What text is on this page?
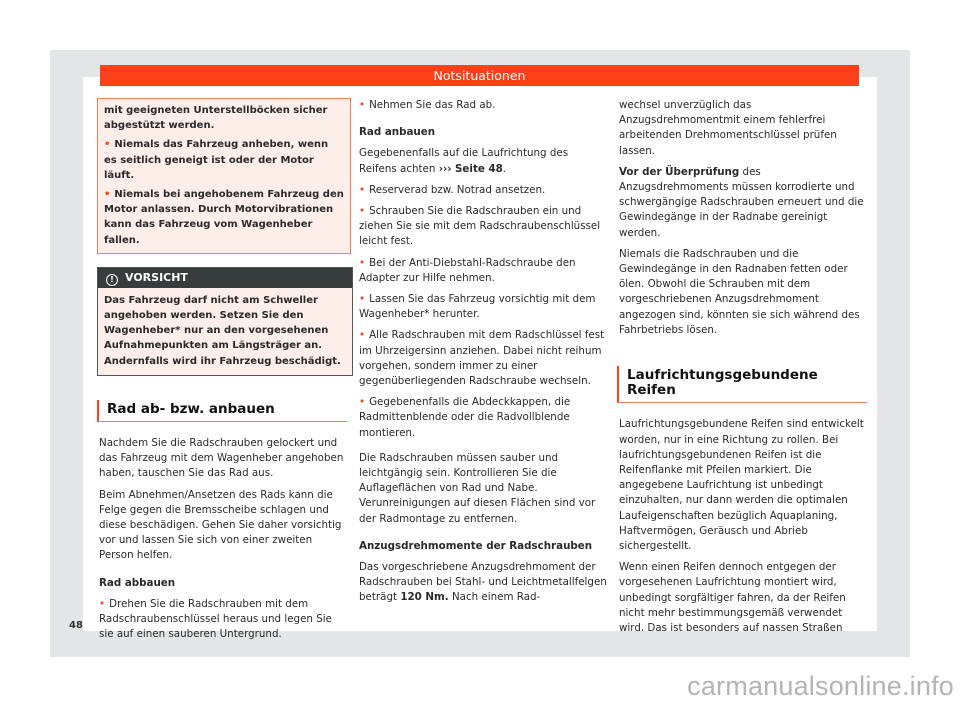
Notsituationen

mit geeigneten Unterstellböcken sicher abgestützt werden.

• Niemals das Fahrzeug anheben, wenn es seitlich geneigt ist oder der Motor läuft.

• Niemals bei angehobenem Fahrzeug den Motor anlassen. Durch Motorvibrationen kann das Fahrzeug vom Wagenheber fallen.

! VORSICHT
Das Fahrzeug darf nicht am Schweller angehoben werden. Setzen Sie den Wagenheber* nur an den vorgesehenen Aufnahmepunkten am Längsträger an. Andernfalls wird ihr Fahrzeug beschädigt.
Rad ab- bzw. anbauen

Nachdem Sie die Radschrauben gelockert und das Fahrzeug mit dem Wagenheber angehoben haben, tauschen Sie das Rad aus.

Beim Abnehmen/Ansetzen des Rads kann die Felge gegen die Bremsscheibe schlagen und diese beschädigen. Gehen Sie daher vorsichtig vor und lassen Sie sich von einer zweiten Person helfen.

Rad abbauen

• Drehen Sie die Radschrauben mit dem Radschraubenschlüssel heraus und legen Sie sie auf einen sauberen Untergrund.

• Nehmen Sie das Rad ab.

Rad anbauen

Gegebenenfalls auf die Laufrichtung des Reifens achten ››› Seite 48.

• Reserverad bzw. Notrad ansetzen.

• Schrauben Sie die Radschrauben ein und ziehen Sie sie mit dem Radschraubenschlüssel leicht fest.

• Bei der Anti-Diebstahl-Radschraube den Adapter zur Hilfe nehmen.

• Lassen Sie das Fahrzeug vorsichtig mit dem Wagenheber* herunter.

• Alle Radschrauben mit dem Radschlüssel fest im Uhrzeigersinn anziehen. Dabei nicht reihum vorgehen, sondern immer zu einer gegenüberliegenden Radschraube wechseln.

• Gegebenenfalls die Abdeckkappen, die Radmittenblende oder die Radvollblende montieren.

Die Radschrauben müssen sauber und leichtgängig sein. Kontrollieren Sie die Auflageflächen von Rad und Nabe. Verunreinigungen auf diesen Flächen sind vor der Radmontage zu entfernen.

Anzugsdrehmomente der Radschrauben

Das vorgeschriebene Anzugsdrehmoment der Radschrauben bei Stahl- und Leichtmetallfelgen beträgt 120 Nm. Nach einem Rad-

wechsel unverzüglich das Anzugsdrehmomentmit einem fehlerfrei arbeitenden Drehmomentschlüssel prüfen lassen.

Vor der Überprüfung des Anzugsdrehmoments müssen korrodierte und schwergängige Radschrauben erneuert und die Gewindegänge in der Radnabe gereinigt werden.

Niemals die Radschrauben und die Gewindegänge in den Radnaben fetten oder ölen. Obwohl die Schrauben mit dem vorgeschriebenen Anzugsdrehmoment angezogen sind, könnten sie sich während des Fahrbetriebs lösen.

Laufrichtungsgebundene Reifen

Laufrichtungsgebundene Reifen sind entwickelt worden, nur in eine Richtung zu rollen. Bei laufrichtungsgebundenen Reifen ist die Reifenflanke mit Pfeilen markiert. Die angegebene Laufrichtung ist unbedingt einzuhalten, nur dann werden die optimalen Laufeigenschaften bezüglich Aquaplaning, Haftvermögen, Geräusch und Abrieb sichergestellt.

Wenn einen Reifen dennoch entgegen der vorgesehenen Laufrichtung montiert wird, unbedingt sorgfältiger fahren, da der Reifen nicht mehr bestimmungsgemäß verwendet wird. Das ist besonders auf nassen Straßen

48
carmanualsonline.info
